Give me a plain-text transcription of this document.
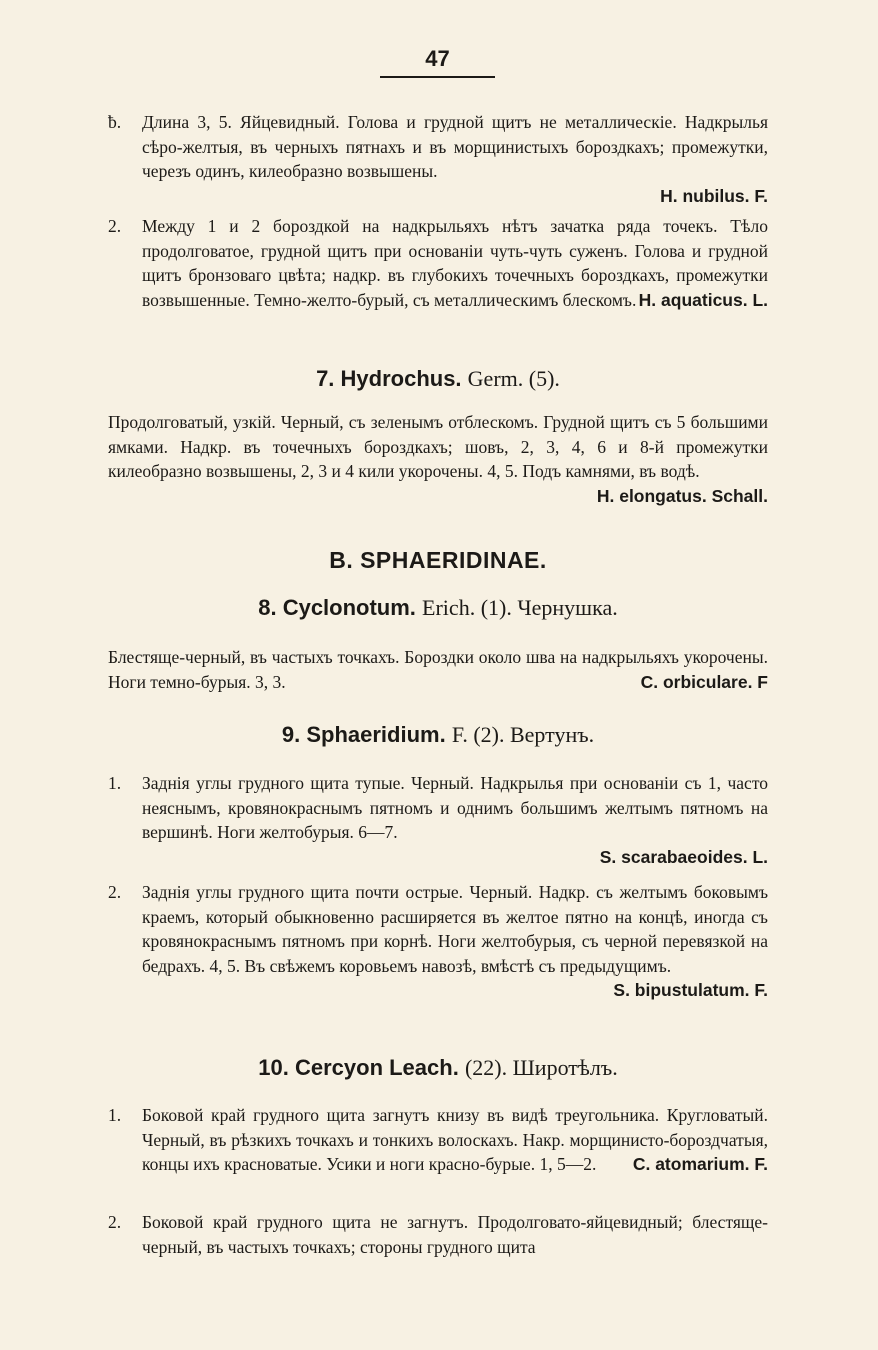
47
ƀ.	Длина 3, 5. Яйцевидный. Голова и грудной щитъ не металлическіе. Надкрылья сѣро-желтыя, въ черныхъ пятнахъ и въ морщинистыхъ бороздкахъ; промежутки, черезъ одинъ, килеобразно возвышены.
H. nubilus. F.
2.	Между 1 и 2 бороздкой на надкрыльяхъ нѣтъ зачатка ряда точекъ. Тѣло продолговатое, грудной щитъ при основаніи чуть-чуть суженъ. Голова и грудной щитъ бронзоваго цвѣта; надкр. въ глубокихъ точечныхъ бороздкахъ, промежутки возвышенные. Темно-желто-бурый, съ металлическимъ блескомъ. H. aquaticus. L.
7. Hydrochus. Germ. (5).
Продолговатый, узкій. Черный, съ зеленымъ отблескомъ. Грудной щитъ съ 5 большими ямками. Надкр. въ точечныхъ бороздкахъ; шовъ, 2, 3, 4, 6 и 8-й промежутки килеобразно возвышены, 2, 3 и 4 кили укорочены. 4, 5. Подъ камнями, въ водѣ.
H. elongatus. Schall.
B. SPHAERIDINAE.
8. Cyclonotum. Erich. (1). Чернушка.
Блестяще-черный, въ частыхъ точкахъ. Бороздки около шва на надкрыльяхъ укорочены. Ноги темно-бурыя. 3, 3.	C. orbiculare. F
9. Sphaeridium. F. (2). Вертунъ.
1.	Заднія углы грудного щита тупые. Черный. Надкрылья при основаніи съ 1, часто неяснымъ, кровянокраснымъ пятномъ и однимъ большимъ желтымъ пятномъ на вершинѣ. Ноги желтобурыя. 6—7.
S. scarabaeoides. L.
2.	Заднія углы грудного щита почти острые. Черный. Надкр. съ желтымъ боковымъ краемъ, который обыкновенно расширяется въ желтое пятно на концѣ, иногда съ кровянокраснымъ пятномъ при корнѣ. Ноги желтобурыя, съ черной перевязкой на бедрахъ. 4, 5. Въ свѣжемъ коровьемъ навозѣ, вмѣстѣ съ предыдущимъ.
S. bipustulatum. F.
10. Cercyon Leach. (22). Широтѣлъ.
1.	Боковой край грудного щита загнутъ книзу въ видѣ треугольника. Кругловатый. Черный, въ рѣзкихъ точкахъ и тонкихъ волоскахъ. Накр. морщинисто-бороздчатыя, концы ихъ красноватые. Усики и ноги красно-бурые. 1, 5—2. C. atomarium. F.
2.	Боковой край грудного щита не загнутъ. Продолговато-яйцевидный; блестяще-черный, въ частыхъ точкахъ; стороны грудного щита
